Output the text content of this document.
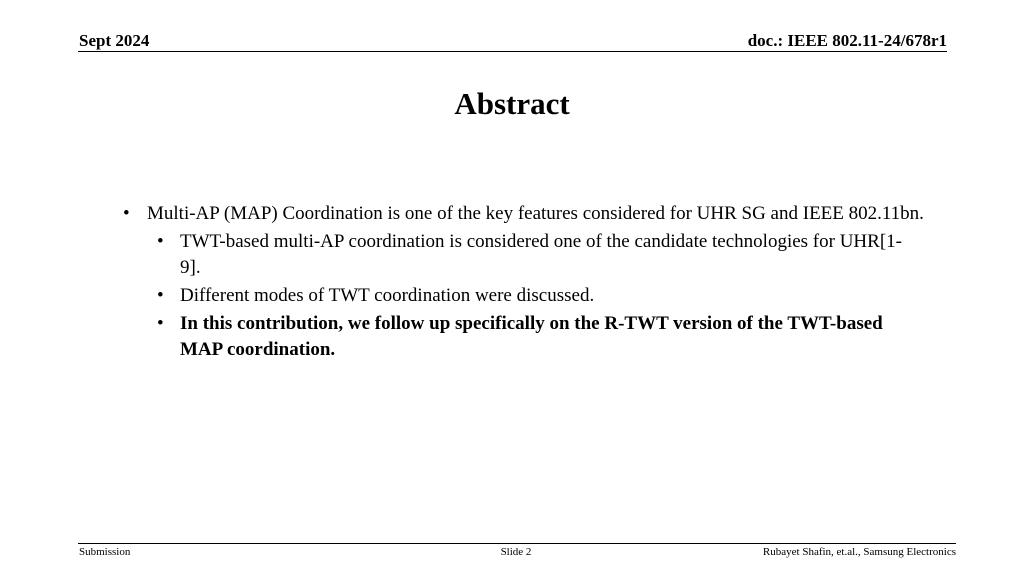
Sept 2024	doc.: IEEE 802.11-24/678r1
Abstract
• Multi-AP (MAP) Coordination is one of the key features considered for UHR SG and IEEE 802.11bn.
• TWT-based multi-AP coordination is considered one of the candidate technologies for UHR[1-9].
• Different modes of TWT coordination were discussed.
• In this contribution, we follow up specifically on the R-TWT version of the TWT-based MAP coordination.
Submission	Slide 2	Rubayet Shafin, et.al., Samsung Electronics
